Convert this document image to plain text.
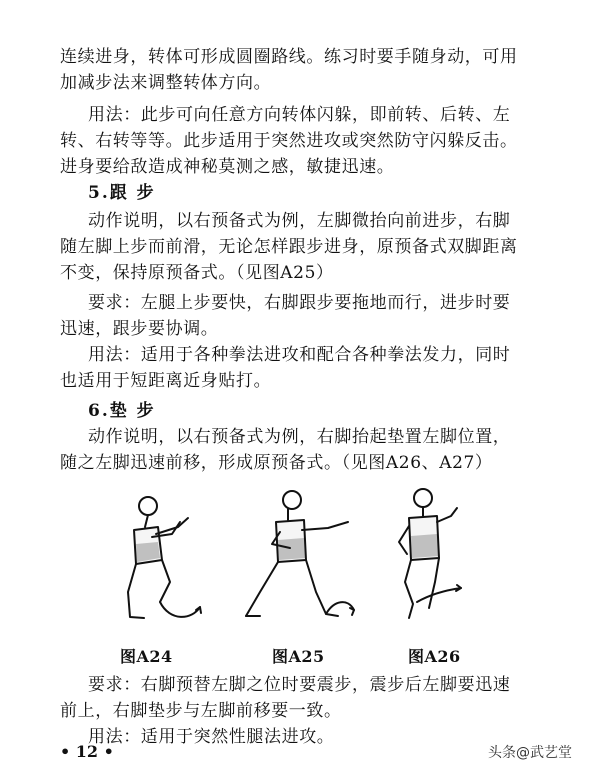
连续进身，转体可形成圆圈路线。练习时要手随身动，可用
加减步法来调整转体方向。
用法：此步可向任意方向转体闪躲，即前转、后转、左
转、右转等等。此步适用于突然进攻或突然防守闪躲反击。
进身要给敌造成神秘莫测之感，敏捷迅速。
5.跟 步
动作说明，以右预备式为例，左脚微抬向前进步，右脚
随左脚上步而前滑，无论怎样跟步进身，原预备式双脚距离
不变，保持原预备式。（见图A25）
要求：左腿上步要快，右脚跟步要拖地而行，进步时要
迅速，跟步要协调。
用法：适用于各种拳法进攻和配合各种拳法发力，同时
也适用于短距离近身贴打。
6.垫 步
动作说明，以右预备式为例，右脚抬起垫置左脚位置，
随之左脚迅速前移，形成原预备式。（见图A26、A27）
图A24	图A25	图A26
要求：右脚预替左脚之位时要震步，震步后左脚要迅速
前上，右脚垫步与左脚前移要一致。
用法：适用于突然性腿法进攻。
• 12 •	头条@武艺堂
